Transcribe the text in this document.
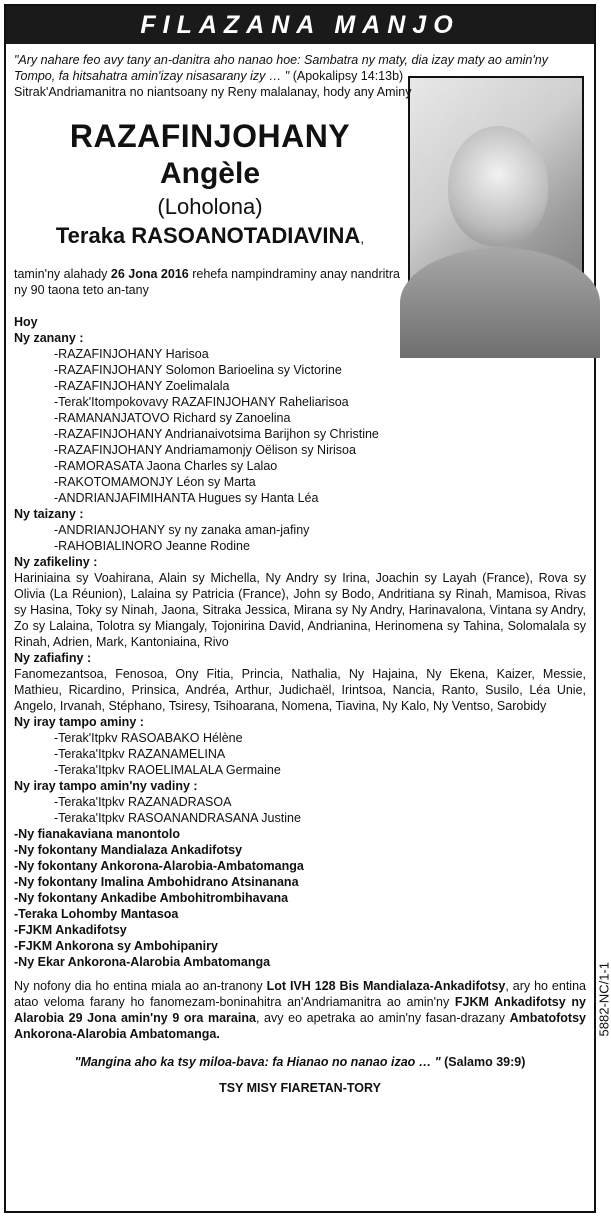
FILAZANA MANJO
5882-NC/1-1
"Ary nahare feo avy tany an-danitra aho nanao hoe: Sambatra ny maty, dia izay maty ao amin'ny Tompo, fa hitsahatra amin'izay nisasarany izy … " (Apokalipsy 14:13b)
Sitrak'Andriamanitra no niantsoany ny Reny malalanay, hody any Aminy
RAZAFINJOHANY
Angèle
(Loholona)
Teraka RASOANOTADIAVINA,
tamin'ny alahady 26 Jona 2016 rehefa nampindraminy anay nandritra ny 90 taona teto an-tany
Hoy
Ny zanany :
-RAZAFINJOHANY Harisoa
-RAZAFINJOHANY Solomon Barioelina sy Victorine
-RAZAFINJOHANY Zoelimalala
-Terak'Itompokovavy RAZAFINJOHANY Raheliarisoa
-RAMANANJATOVO Richard sy Zanoelina
-RAZAFINJOHANY Andrianaivotsima Barijhon sy Christine
-RAZAFINJOHANY Andriamamonjy Oëlison sy Nirisoa
-RAMORASATA Jaona Charles sy Lalao
-RAKOTOMAMONJY Léon sy Marta
-ANDRIANJAFIMIHANTA Hugues sy Hanta Léa
Ny taizany :
-ANDRIANJOHANY sy ny zanaka aman-jafiny
-RAHOBIALINORO Jeanne Rodine
Ny zafikeliny :
Hariniaina sy Voahirana, Alain sy Michella, Ny Andry sy Irina, Joachin sy Layah (France), Rova sy Olivia (La Réunion), Lalaina sy Patricia (France), John sy Bodo, Andritiana sy Rinah, Mamisoa, Rivas sy Hasina, Toky sy Ninah, Jaona, Sitraka Jessica, Mirana sy Ny Andry, Harinavalona, Vintana sy Andry, Zo sy Lalaina, Tolotra sy Miangaly, Tojonirina David, Andrianina, Herinomena sy Tahina, Solomalala sy Rinah, Adrien, Mark, Kantoniaina, Rivo
Ny zafiafiny :
Fanomezantsoa, Fenosoa, Ony Fitia, Princia, Nathalia, Ny Hajaina, Ny Ekena, Kaizer, Messie, Mathieu, Ricardino, Prinsica, Andréa, Arthur, Judichaël, Irintsoa, Nancia, Ranto, Susilo, Léa Unie, Angelo, Irvanah, Stéphano, Tsiresy, Tsihoarana, Nomena, Tiavina, Ny Kalo, Ny Ventso, Sarobidy
Ny iray tampo aminy :
-Terak'Itpkv RASOABAKO Hélène
-Teraka'Itpkv RAZANAMELINA
-Teraka'Itpkv RAOELIMALALA Germaine
Ny iray tampo amin'ny vadiny :
-Teraka'Itpkv RAZANADRASOA
-Teraka'Itpkv RASOANANDRASANA Justine
-Ny fianakaviana manontolo
-Ny fokontany Mandialaza Ankadifotsy
-Ny fokontany Ankorona-Alarobia-Ambatomanga
-Ny fokontany Imalina Ambohidrano Atsinanana
-Ny fokontany Ankadibe Ambohitrombihavana
-Teraka Lohomby Mantasoa
-FJKM Ankadifotsy
-FJKM Ankorona sy Ambohipaniry
-Ny Ekar Ankorona-Alarobia Ambatomanga
Ny nofony dia ho entina miala ao an-tranony Lot IVH 128 Bis Mandialaza-Ankadifotsy, ary ho entina atao veloma farany ho fanomezam-boninahitra an'Andriamanitra ao amin'ny FJKM Ankadifotsy ny Alarobia 29 Jona amin'ny 9 ora maraina, avy eo apetraka ao amin'ny fasan-drazany Ambatofotsy Ankorona-Alarobia Ambatomanga.
"Mangina aho ka tsy miloa-bava: fa Hianao no nanao izao … " (Salamo 39:9)
TSY MISY FIARETAN-TORY
